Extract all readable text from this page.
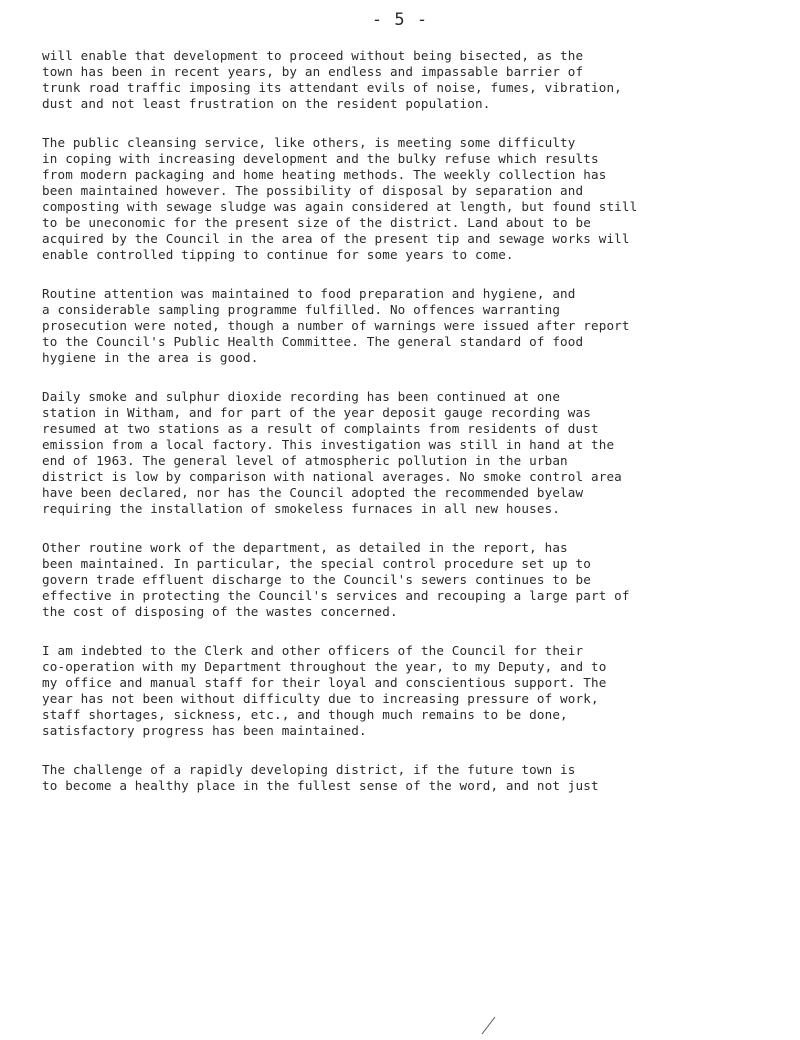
- 5 -

will enable that development to proceed without being bisected, as the
town has been in recent years, by an endless and impassable barrier of
trunk road traffic imposing its attendant evils of noise, fumes, vibration,
dust and not least frustration on the resident population.

The public cleansing service, like others, is meeting some difficulty
in coping with increasing development and the bulky refuse which results
from modern packaging and home heating methods. The weekly collection has
been maintained however. The possibility of disposal by separation and
composting with sewage sludge was again considered at length, but found still
to be uneconomic for the present size of the district. Land about to be
acquired by the Council in the area of the present tip and sewage works will
enable controlled tipping to continue for some years to come.

Routine attention was maintained to food preparation and hygiene, and
a considerable sampling programme fulfilled. No offences warranting
prosecution were noted, though a number of warnings were issued after report
to the Council's Public Health Committee. The general standard of food
hygiene in the area is good.

Daily smoke and sulphur dioxide recording has been continued at one
station in Witham, and for part of the year deposit gauge recording was
resumed at two stations as a result of complaints from residents of dust
emission from a local factory. This investigation was still in hand at the
end of 1963. The general level of atmospheric pollution in the urban
district is low by comparison with national averages. No smoke control area
have been declared, nor has the Council adopted the recommended byelaw
requiring the installation of smokeless furnaces in all new houses.

Other routine work of the department, as detailed in the report, has
been maintained. In particular, the special control procedure set up to
govern trade effluent discharge to the Council's sewers continues to be
effective in protecting the Council's services and recouping a large part of
the cost of disposing of the wastes concerned.

I am indebted to the Clerk and other officers of the Council for their
co-operation with my Department throughout the year, to my Deputy, and to
my office and manual staff for their loyal and conscientious support. The
year has not been without difficulty due to increasing pressure of work,
staff shortages, sickness, etc., and though much remains to be done,
satisfactory progress has been maintained.

The challenge of a rapidly developing district, if the future town is
to become a healthy place in the fullest sense of the word, and not just
